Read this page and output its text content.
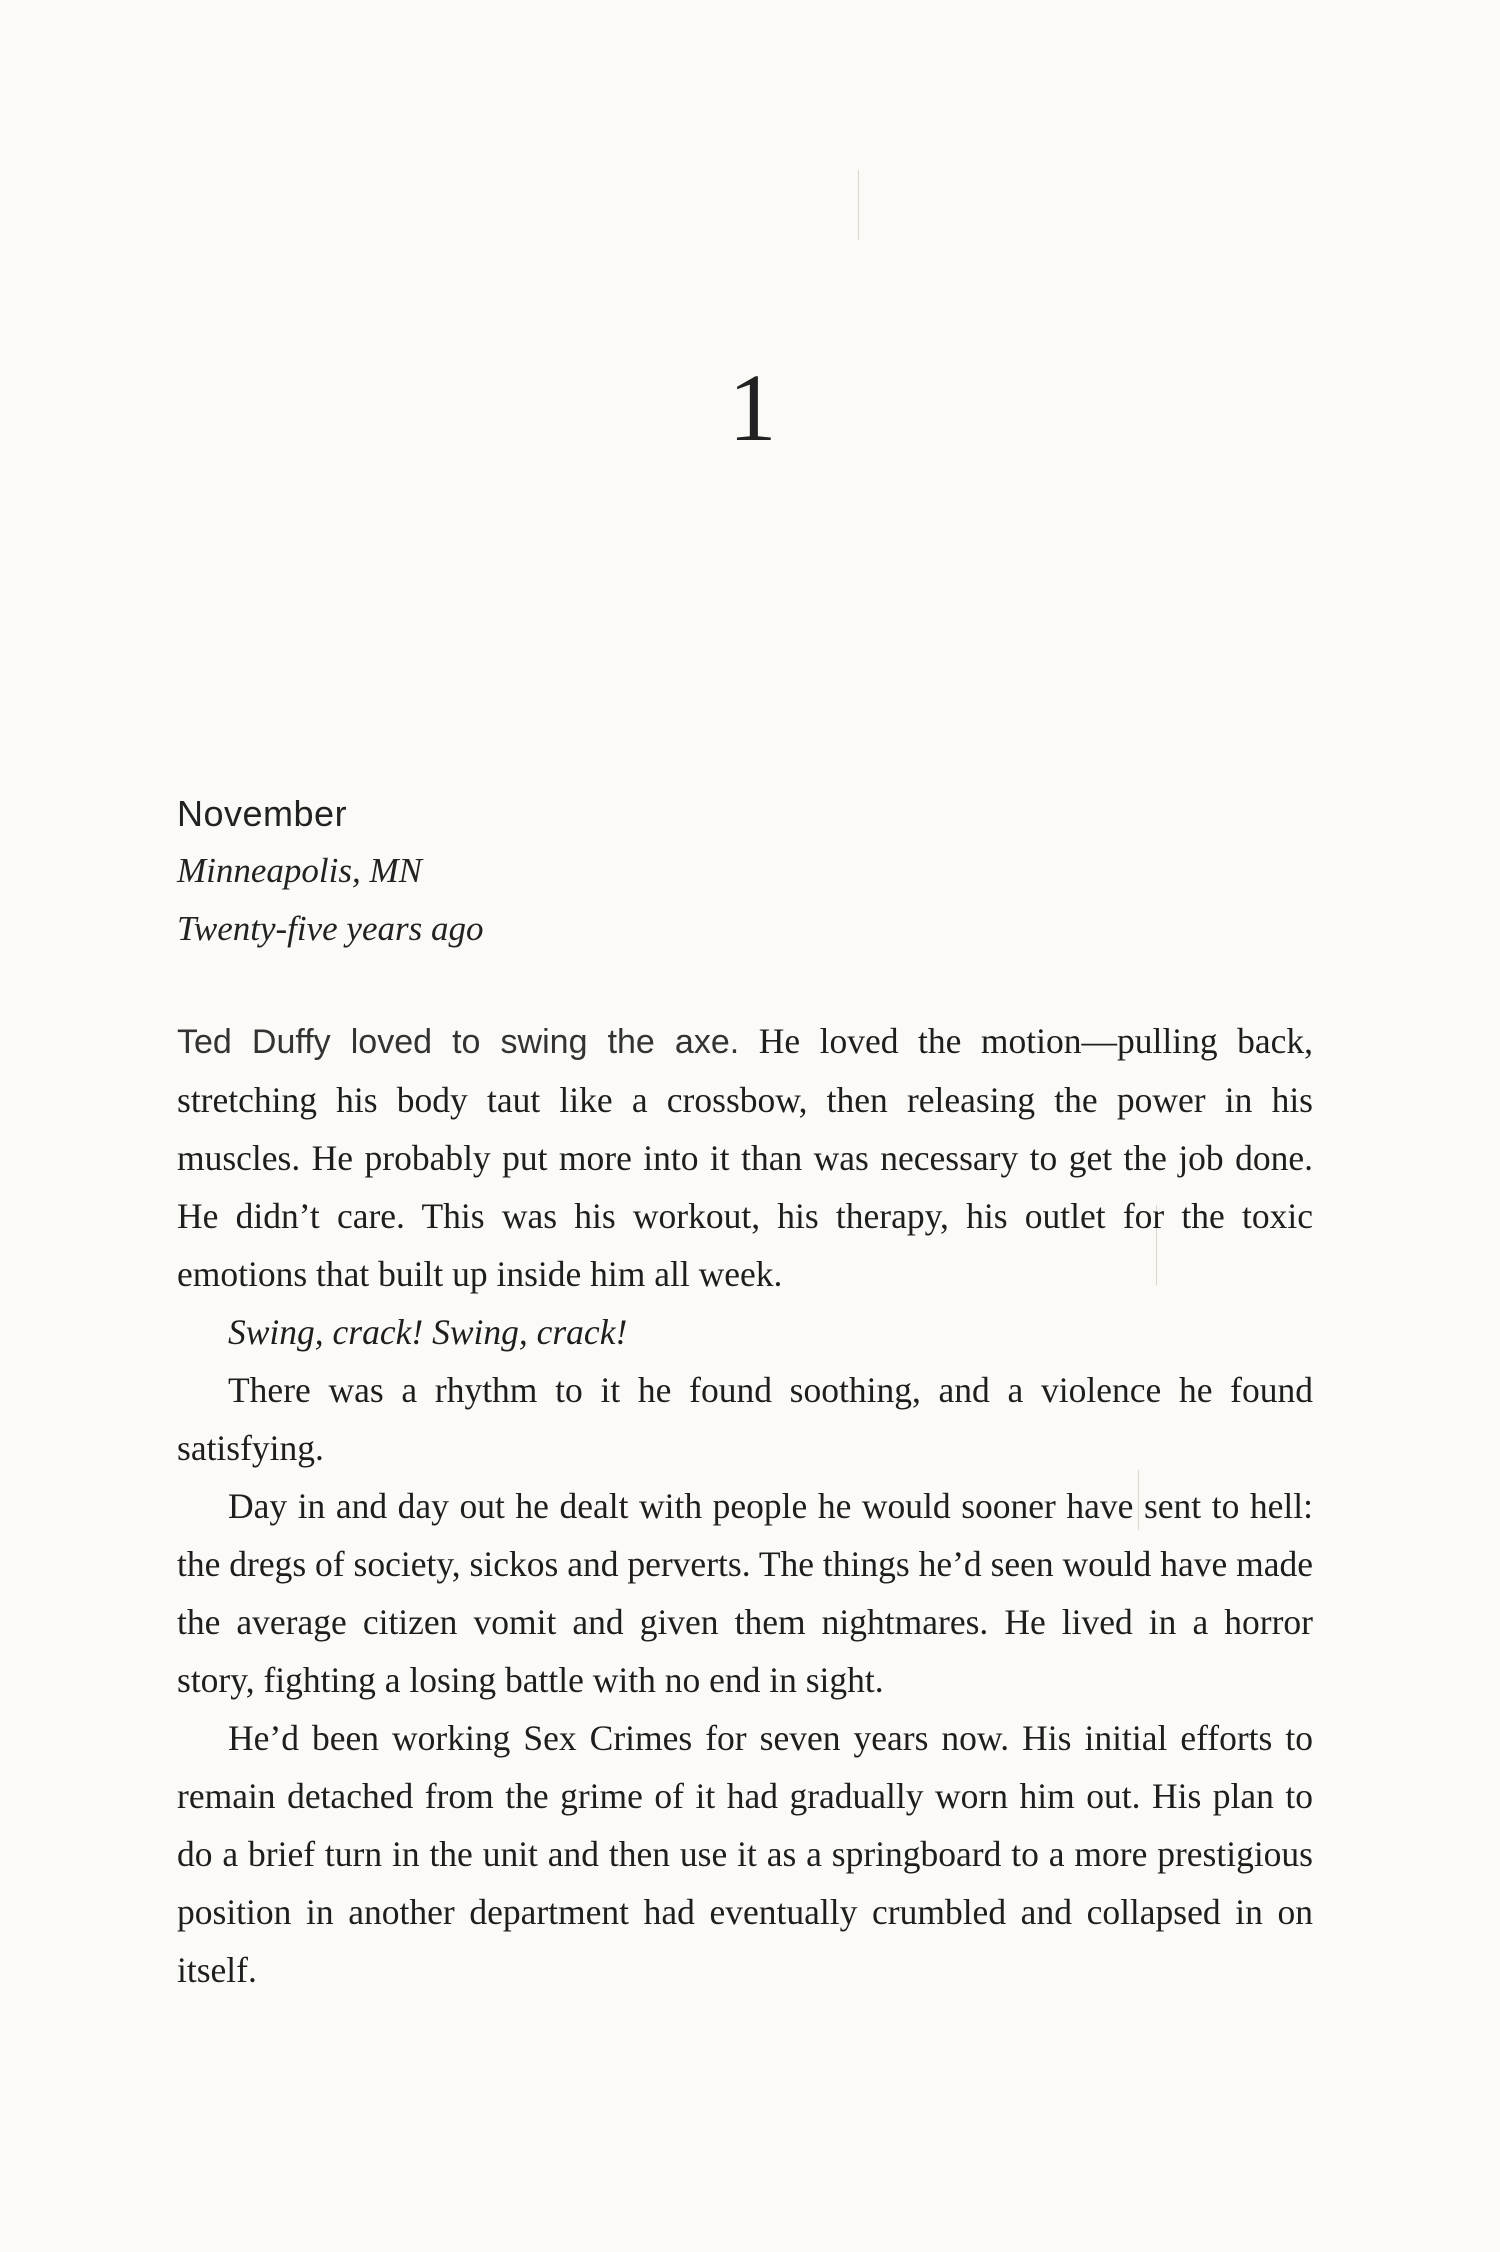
1
November
Minneapolis, MN
Twenty-five years ago

Ted Duffy loved to swing the axe. He loved the motion—pulling back, stretching his body taut like a crossbow, then releasing the power in his muscles. He probably put more into it than was necessary to get the job done. He didn’t care. This was his workout, his therapy, his outlet for the toxic emotions that built up inside him all week.

Swing, crack! Swing, crack!

There was a rhythm to it he found soothing, and a violence he found satisfying.

Day in and day out he dealt with people he would sooner have sent to hell: the dregs of society, sickos and perverts. The things he’d seen would have made the average citizen vomit and given them nightmares. He lived in a horror story, fighting a losing battle with no end in sight.

He’d been working Sex Crimes for seven years now. His initial efforts to remain detached from the grime of it had gradually worn him out. His plan to do a brief turn in the unit and then use it as a springboard to a more prestigious position in another department had eventually crumbled and collapsed in on itself.
